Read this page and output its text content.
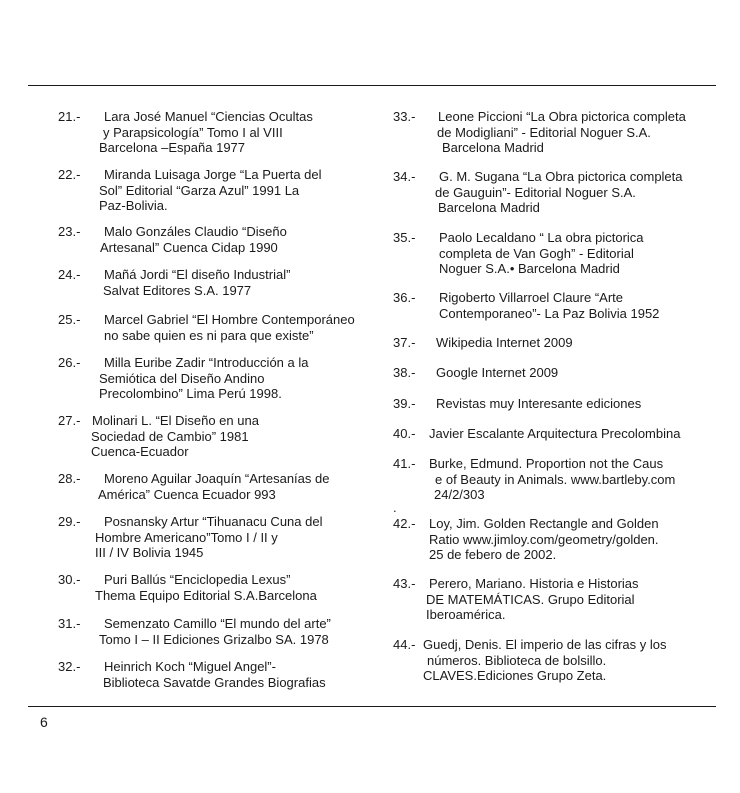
21.-	Lara José Manuel “Ciencias Ocultas
y Parapsicología” Tomo I al VIII
Barcelona –España 1977
22.-	Miranda Luisaga Jorge “La Puerta del
Sol” Editorial “Garza Azul” 1991 La
Paz-Bolivia.
23.-	Malo Gonzáles Claudio “Diseño
Artesanal” Cuenca Cidap 1990
24.-	Mañá Jordi “El diseño Industrial”
Salvat Editores S.A. 1977
25.-	Marcel Gabriel “El Hombre Contemporáneo
no sabe quien es ni para que existe”
26.-	Milla Euribe Zadir “Introducción a la
Semiótica del Diseño Andino
Precolombino” Lima Perú 1998.
27.- Molinari L. “El Diseño en una
Sociedad de Cambio” 1981
Cuenca-Ecuador
28.-	Moreno Aguilar Joaquín “Artesanías de
América” Cuenca Ecuador 993
29.-	Posnansky Artur “Tihuanacu Cuna del
Hombre Americano”Tomo I / II y
III / IV Bolivia 1945
30.-	Puri Ballús “Enciclopedia Lexus”
Thema Equipo Editorial S.A.Barcelona
31.-	Semenzato Camillo “El mundo del arte”
Tomo I – II Ediciones Grizalbo SA. 1978
32.-	Heinrich Koch “Miguel Angel”-
Biblioteca Savatde Grandes Biografias
33.-	Leone Piccioni “La Obra pictorica completa
de Modigliani” - Editorial Noguer S.A.
Barcelona Madrid
34.-	G. M. Sugana “La Obra pictorica completa
de Gauguin”- Editorial Noguer S.A.
Barcelona Madrid
35.-	Paolo Lecaldano “ La obra pictorica
completa de Van Gogh” - Editorial
Noguer S.A.• Barcelona Madrid
36.-	Rigoberto Villarroel Claure “Arte
Contemporaneo”- La Paz Bolivia 1952
37.-	Wikipedia Internet 2009
38.-	Google Internet 2009
39.-	Revistas muy Interesante ediciones
40.-	Javier Escalante Arquitectura Precolombina
41.-	Burke, Edmund. Proportion not the Caus
e of Beauty in Animals. www.bartleby.com
24/2/303
42.-	Loy, Jim. Golden Rectangle and Golden
Ratio www.jimloy.com/geometry/golden.
25 de febero de 2002.
43.-	Perero, Mariano. Historia e Historias
DE MATEMÁTICAS. Grupo Editorial
Iberoamérica.
44.- Guedj, Denis. El imperio de las cifras y los
números. Biblioteca de bolsillo.
CLAVES.Ediciones Grupo Zeta.
.
6
